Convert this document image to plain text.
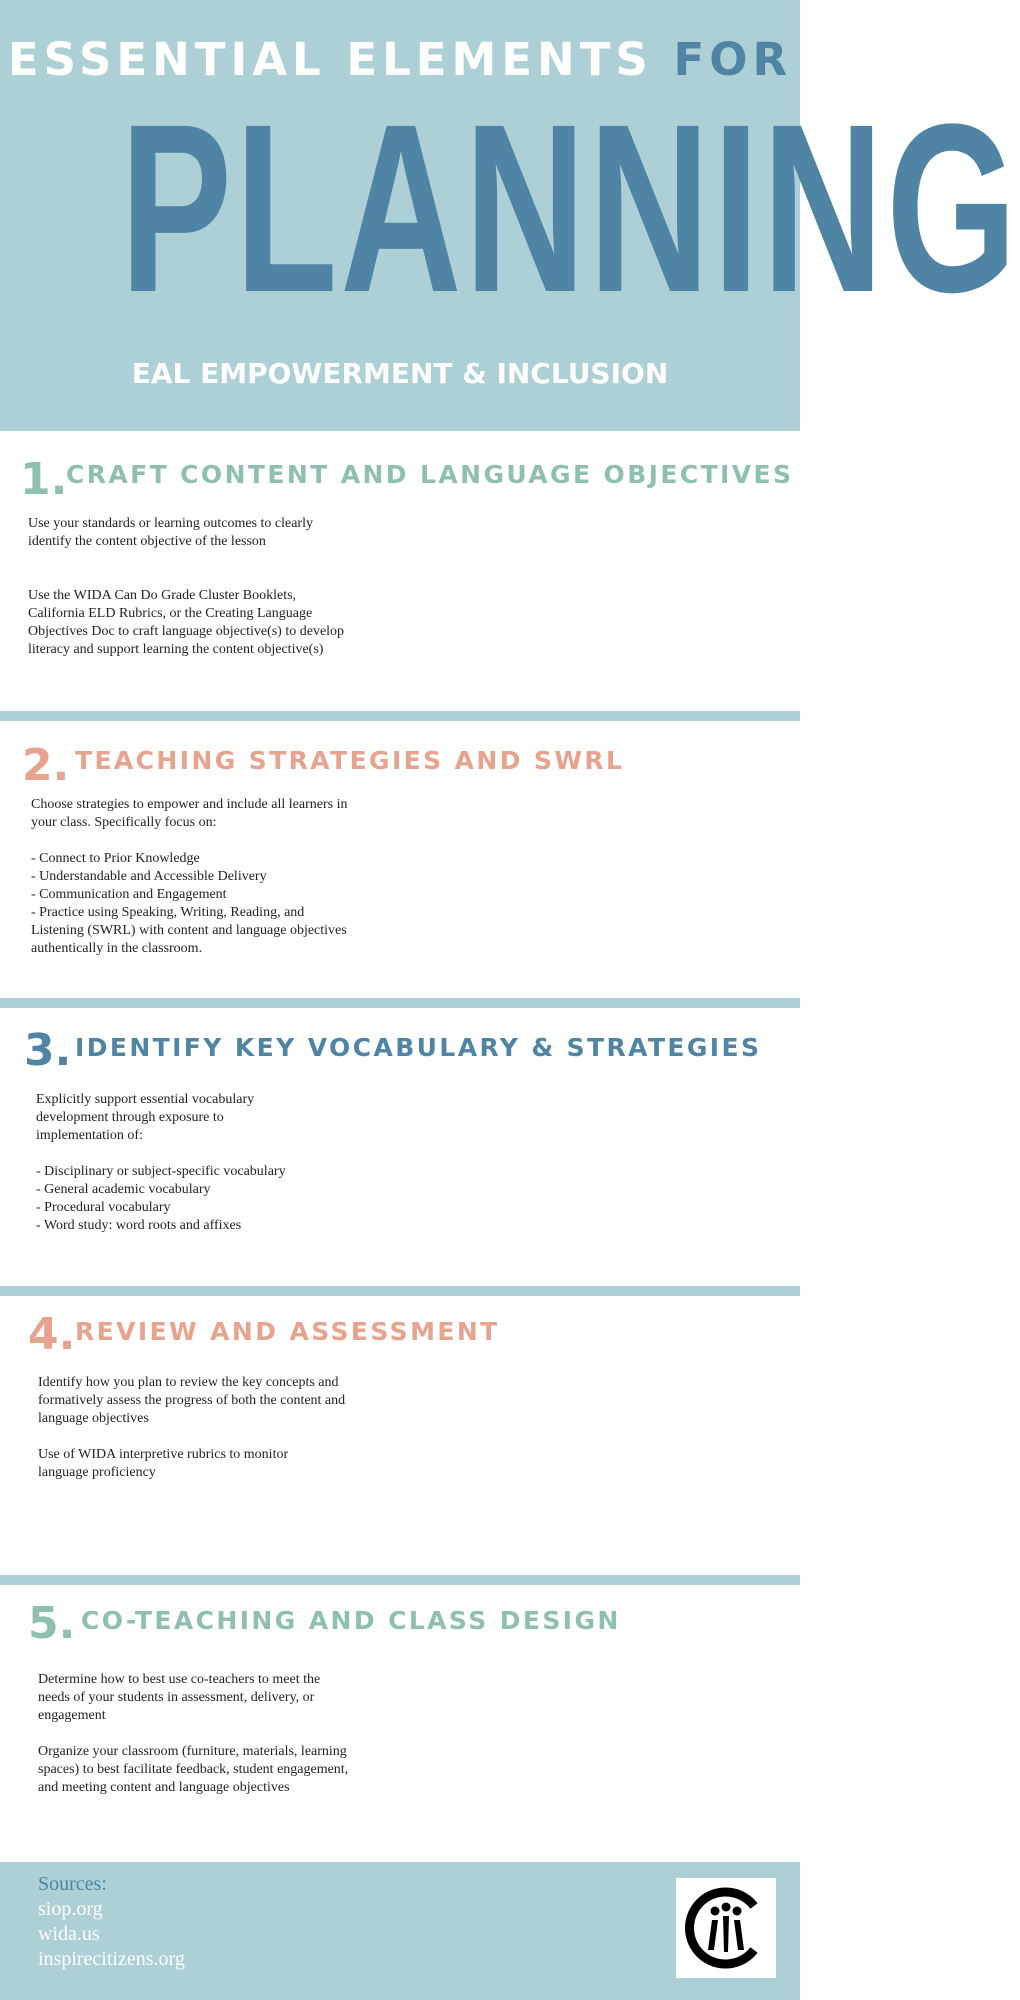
ESSENTIAL ELEMENTS FOR
PLANNING
EAL EMPOWERMENT & INCLUSION
1.
CRAFT CONTENT AND LANGUAGE OBJECTIVES

Use your standards or learning outcomes to clearly identify the content objective of the lesson

Use the WIDA Can Do Grade Cluster Booklets, California ELD Rubrics, or the Creating Language Objectives Doc to craft language objective(s) to develop literacy and support learning the content objective(s)

2. TEACHING STRATEGIES AND SWRL

Choose strategies to empower and include all learners in your class. Specifically focus on:

- Connect to Prior Knowledge
- Understandable and Accessible Delivery
- Communication and Engagement
- Practice using Speaking, Writing, Reading, and Listening (SWRL) with content and language objectives authentically in the classroom.
3. IDENTIFY KEY VOCABULARY & STRATEGIES

Explicitly support essential vocabulary development through exposure to implementation of:

- Disciplinary or subject-specific vocabulary
- General academic vocabulary
- Procedural vocabulary
- Word study: word roots and affixes
4. REVIEW AND ASSESSMENT

Identify how you plan to review the key concepts and formatively assess the progress of both the content and language objectives

Use of WIDA interpretive rubrics to monitor language proficiency

5. CO-TEACHING AND CLASS DESIGN

Determine how to best use co-teachers to meet the needs of your students in assessment, delivery, or engagement

Organize your classroom (furniture, materials, learning spaces) to best facilitate feedback, student engagement, and meeting content and language objectives

Sources:
siop.org
wida.us
inspirecitizens.org
